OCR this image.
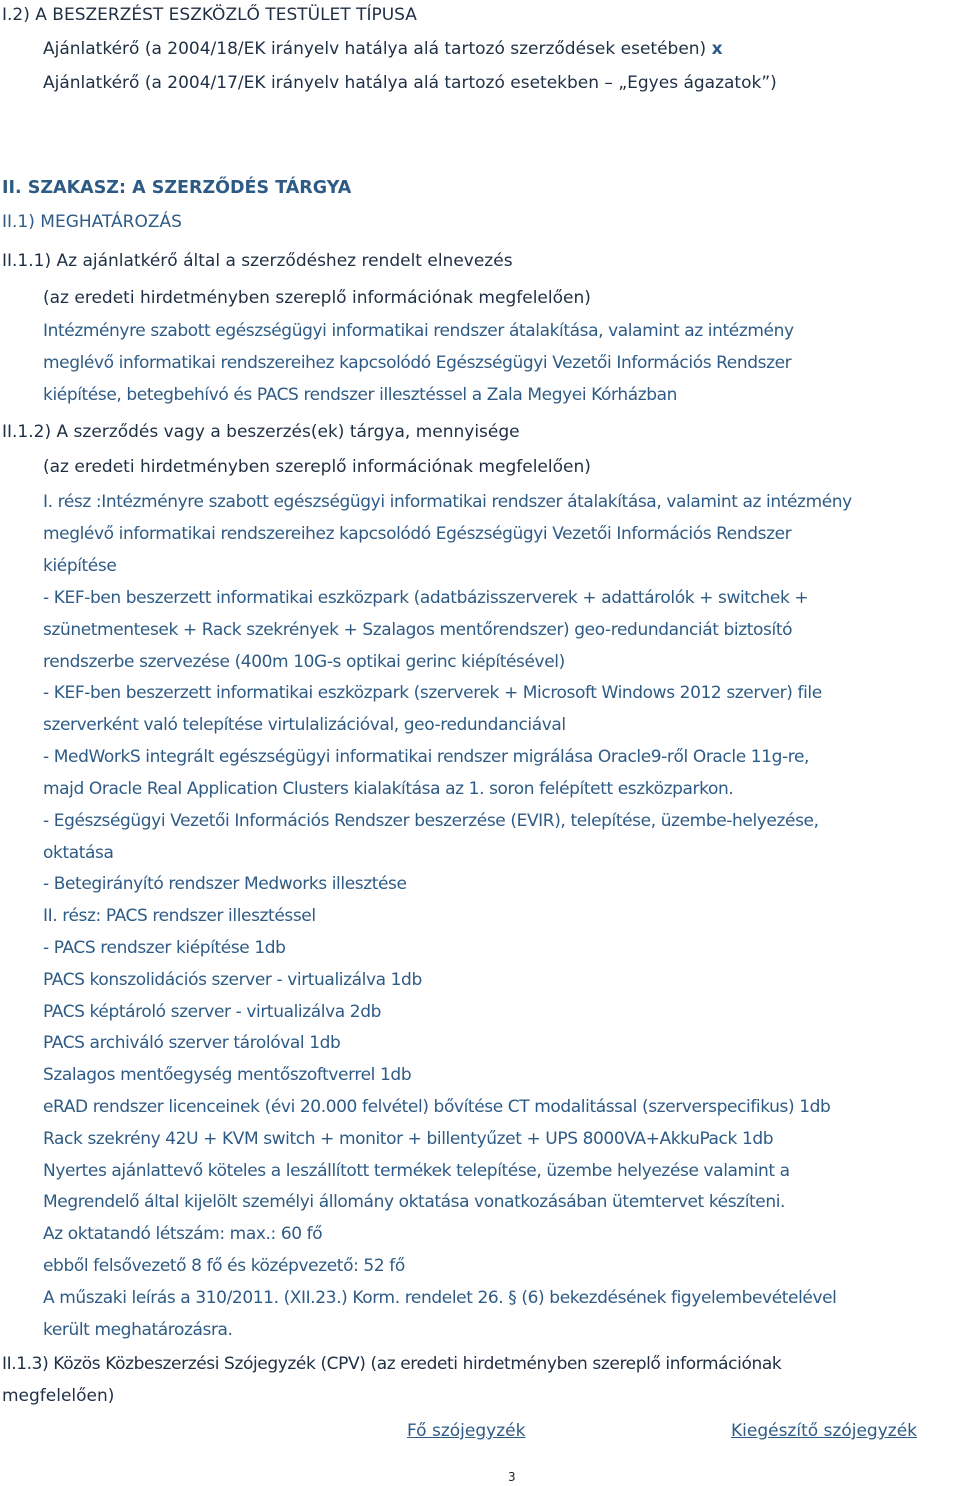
I.2) A BESZERZÉST ESZKÖZLŐ TESTÜLET TÍPUSA
Ajánlatkérő (a 2004/18/EK irányelv hatálya alá tartozó szerződések esetében) x
Ajánlatkérő (a 2004/17/EK irányelv hatálya alá tartozó esetekben – „Egyes ágazatok”)
II. SZAKASZ: A SZERZŐDÉS TÁRGYA
II.1) MEGHATÁROZÁS
II.1.1) Az ajánlatkérő által a szerződéshez rendelt elnevezés
(az eredeti hirdetményben szereplő információnak megfelelően)
Intézményre szabott egészségügyi informatikai rendszer átalakítása, valamint az intézmény
meglévő informatikai rendszereihez kapcsolódó Egészségügyi Vezetői Információs Rendszer
kiépítése, betegbehívó és PACS rendszer illesztéssel a Zala Megyei Kórházban
II.1.2) A szerződés vagy a beszerzés(ek) tárgya, mennyisége
(az eredeti hirdetményben szereplő információnak megfelelően)
I. rész :Intézményre szabott egészségügyi informatikai rendszer átalakítása, valamint az intézmény
meglévő informatikai rendszereihez kapcsolódó Egészségügyi Vezetői Információs Rendszer
kiépítése
- KEF-ben beszerzett informatikai eszközpark (adatbázisszerverek + adattárolók + switchek +
szünetmentesek + Rack szekrények + Szalagos mentőrendszer) geo-redundanciát biztosító
rendszerbe szervezése (400m 10G-s optikai gerinc kiépítésével)
- KEF-ben beszerzett informatikai eszközpark (szerverek + Microsoft Windows 2012 szerver) file
szerverként való telepítése virtulalizációval, geo-redundanciával
- MedWorkS integrált egészségügyi informatikai rendszer migrálása Oracle9-ről Oracle 11g-re,
majd Oracle Real Application Clusters kialakítása az 1. soron felépített eszközparkon.
- Egészségügyi Vezetői Információs Rendszer beszerzése (EVIR), telepítése, üzembe-helyezése,
oktatása
- Betegirányító rendszer Medworks illesztése
II. rész: PACS rendszer illesztéssel
- PACS rendszer kiépítése 1db
PACS konszolidációs szerver - virtualizálva 1db
PACS képtároló szerver - virtualizálva 2db
PACS archiváló szerver tárolóval 1db
Szalagos mentőegység mentőszoftverrel 1db
eRAD rendszer licenceinek (évi 20.000 felvétel) bővítése CT modalitással (szerverspecifikus) 1db
Rack szekrény 42U + KVM switch + monitor + billentyűzet + UPS 8000VA+AkkuPack 1db
Nyertes ajánlattevő köteles a leszállított termékek telepítése, üzembe helyezése valamint a
Megrendelő által kijelölt személyi állomány oktatása vonatkozásában ütemtervet készíteni.
Az oktatandó létszám: max.: 60 fő
ebből felsővezető 8 fő és középvezető: 52 fő
A műszaki leírás a 310/2011. (XII.23.) Korm. rendelet 26. § (6) bekezdésének figyelembevételével
került meghatározásra.
II.1.3) Közös Közbeszerzési Szójegyzék (CPV) (az eredeti hirdetményben szereplő információnak
megfelelően)
Fő szójegyzék	Kiegészítő szójegyzék
3
